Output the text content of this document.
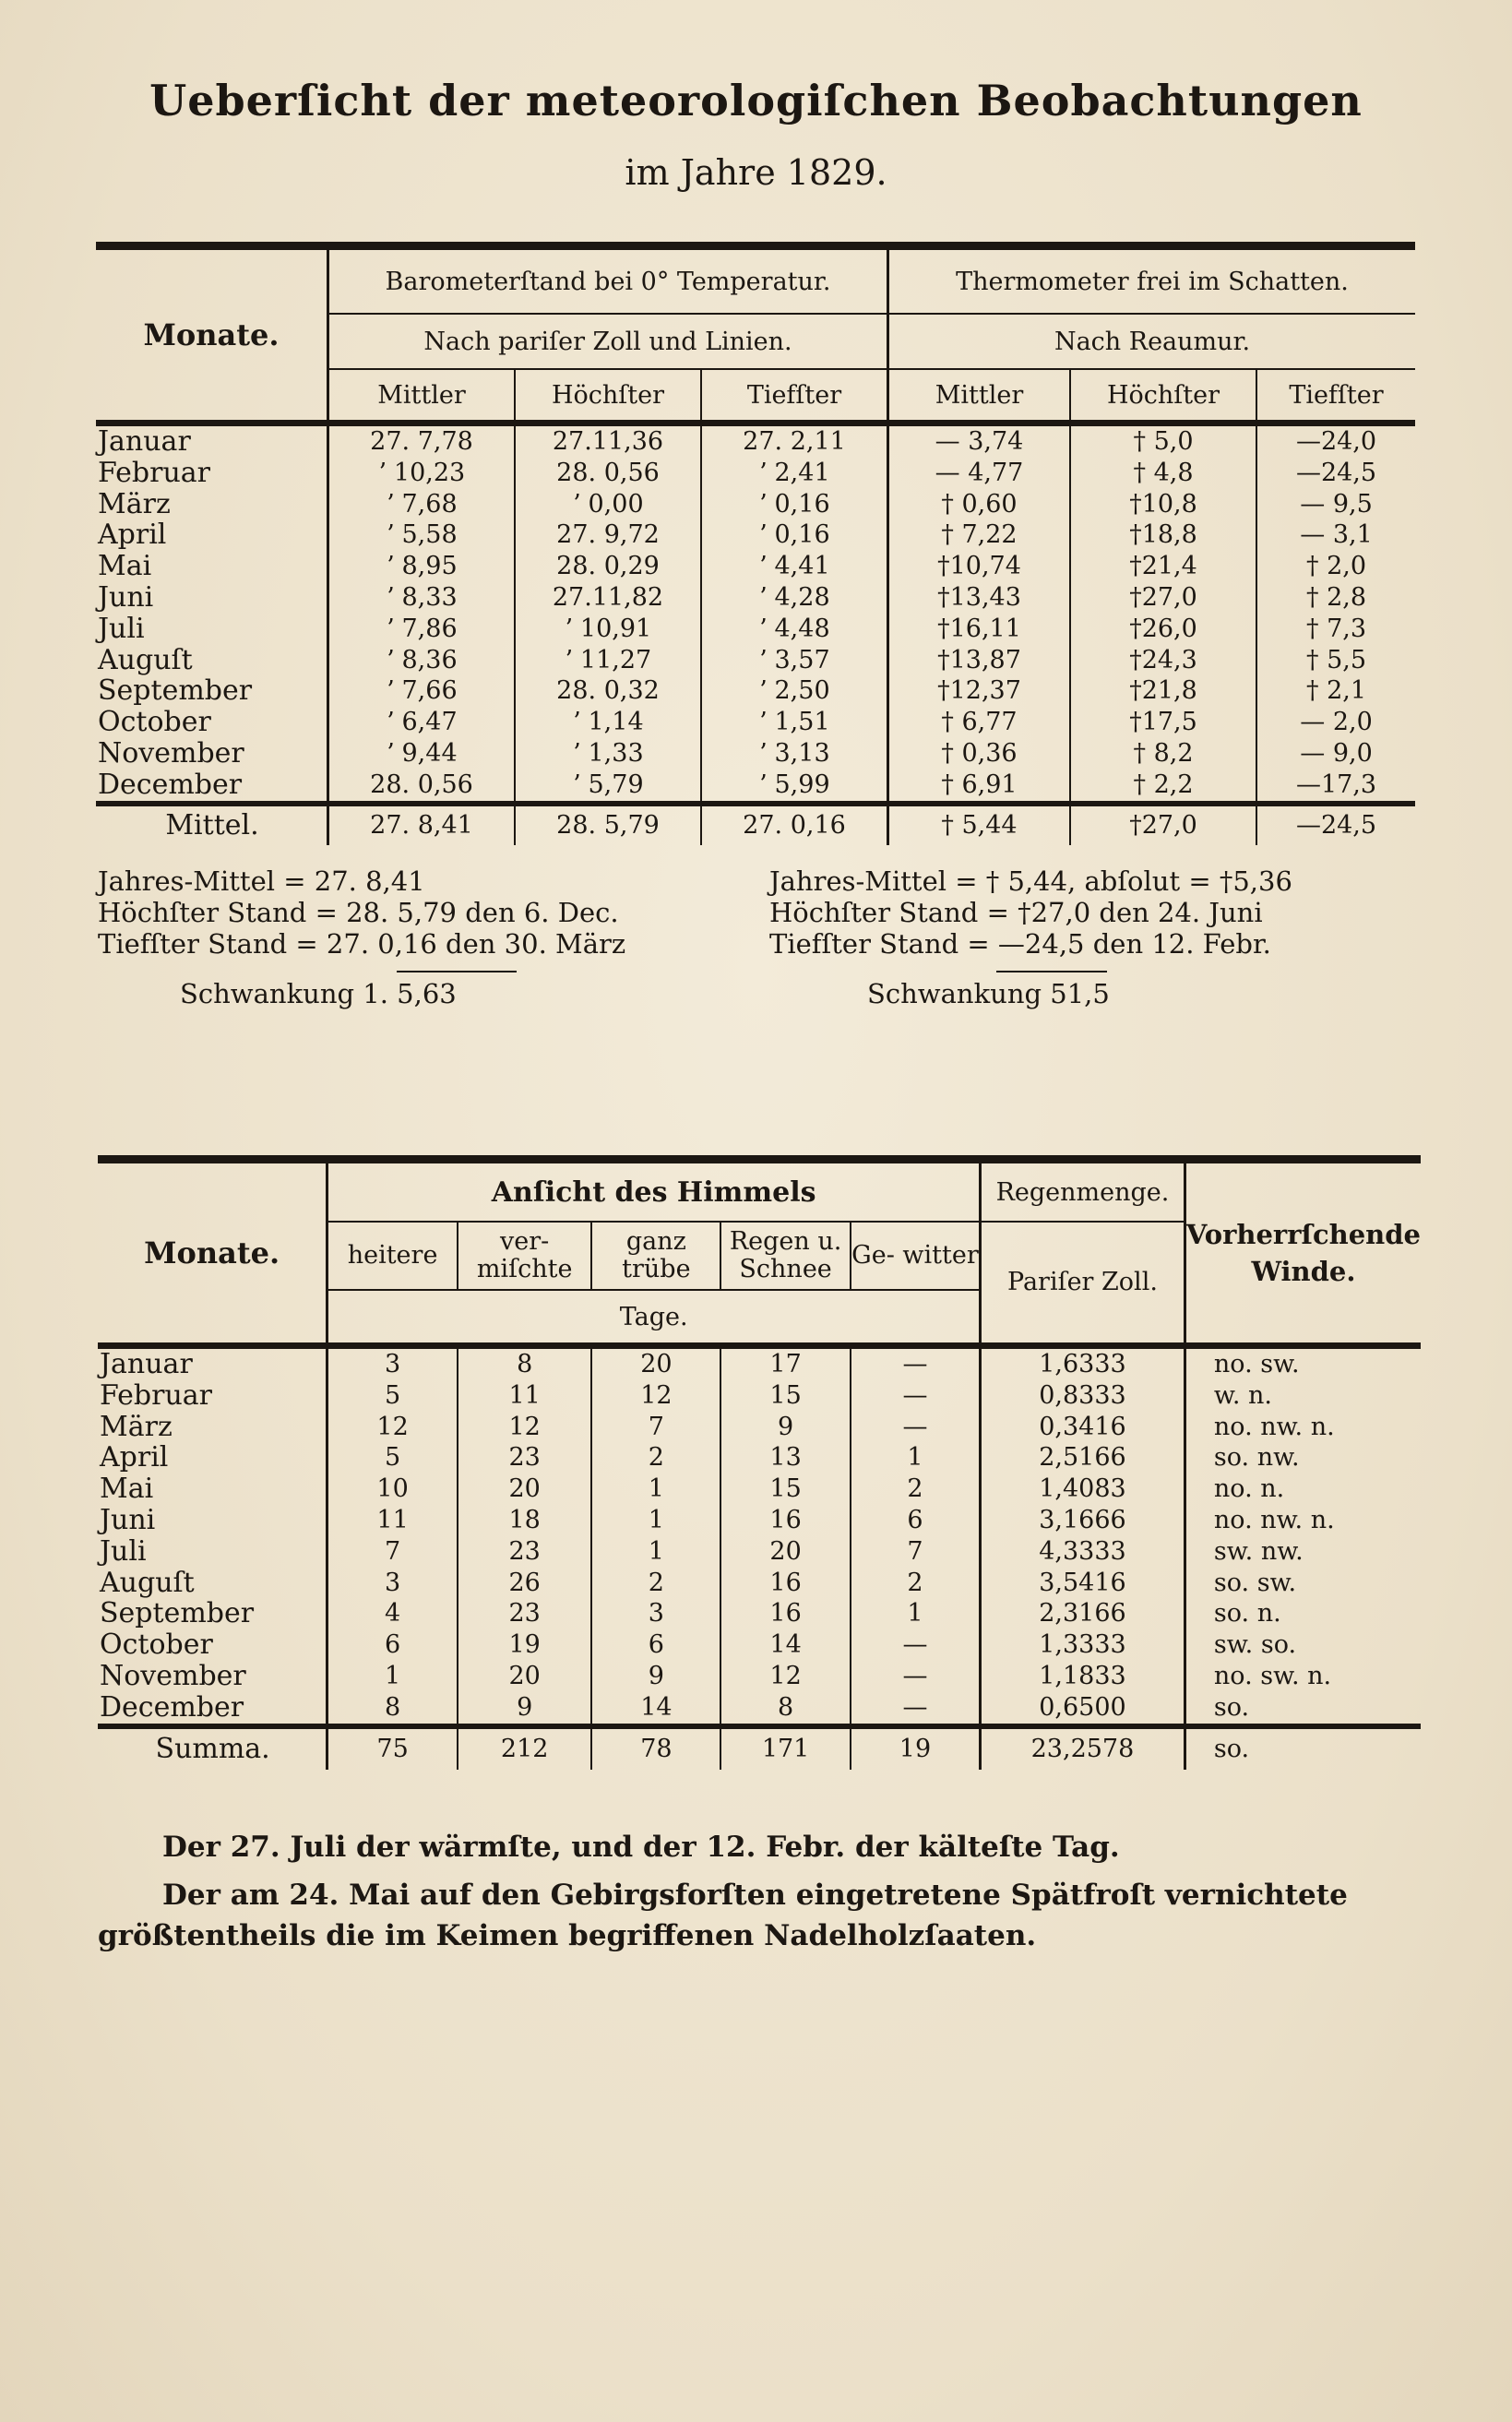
Ueberſicht der meteorologiſchen Beobachtungen
im Jahre 1829.
Monate.	Barometerſtand bei 0° Temperatur.			Thermometer frei im Schatten.		
	Nach pariſer Zoll und Linien.			Nach Reaumur.		
	Mittler	Höchſter	Tiefſter	Mittler	Höchſter	Tiefſter
Januar	27. 7,78	27.11,36	27. 2,11	— 3,74	† 5,0	—24,0
Februar	ʼ 10,23	28. 0,56	ʼ 2,41	— 4,77	† 4,8	—24,5
März	ʼ 7,68	ʼ 0,00	ʼ 0,16	† 0,60	†10,8	— 9,5
April	ʼ 5,58	27. 9,72	ʼ 0,16	† 7,22	†18,8	— 3,1
Mai	ʼ 8,95	28. 0,29	ʼ 4,41	†10,74	†21,4	† 2,0
Juni	ʼ 8,33	27.11,82	ʼ 4,28	†13,43	†27,0	† 2,8
Juli	ʼ 7,86	ʼ 10,91	ʼ 4,48	†16,11	†26,0	† 7,3
Auguſt	ʼ 8,36	ʼ 11,27	ʼ 3,57	†13,87	†24,3	† 5,5
September	ʼ 7,66	28. 0,32	ʼ 2,50	†12,37	†21,8	† 2,1
October	ʼ 6,47	ʼ 1,14	ʼ 1,51	† 6,77	†17,5	— 2,0
November	ʼ 9,44	ʼ 1,33	ʼ 3,13	† 0,36	† 8,2	— 9,0
December	28. 0,56	ʼ 5,79	ʼ 5,99	† 6,91	† 2,2	—17,3
Mittel.	27. 8,41	28. 5,79	27. 0,16	† 5,44	†27,0	—24,5
Jahres‐Mittel = 27. 8,41
Höchſter Stand = 28. 5,79 den 6. Dec.
Tiefſter Stand = 27. 0,16 den 30. März
Schwankung 1. 5,63
Jahres‐Mittel = † 5,44, abſolut = †5,36
Höchſter Stand = †27,0 den 24. Juni
Tiefſter Stand = —24,5 den 12. Febr.
Schwankung 51,5
Monate.	Anſicht des Himmels					Regenmenge.	Vorherrſchende Winde.
	heitere	ver‐ miſchte	ganz trübe	Regen u. Schnee	Ge‐ witter	Pariſer Zoll.	
	Tage.						
Januar	3	8	20	17	—	1,6333	no. sw.
Februar	5	11	12	15	—	0,8333	w. n.
März	12	12	7	9	—	0,3416	no. nw. n.
April	5	23	2	13	1	2,5166	so. nw.
Mai	10	20	1	15	2	1,4083	no. n.
Juni	11	18	1	16	6	3,1666	no. nw. n.
Juli	7	23	1	20	7	4,3333	sw. nw.
Auguſt	3	26	2	16	2	3,5416	so. sw.
September	4	23	3	16	1	2,3166	so. n.
October	6	19	6	14	—	1,3333	sw. so.
November	1	20	9	12	—	1,1833	no. sw. n.
December	8	9	14	8	—	0,6500	so.
Summa.	75	212	78	171	19	23,2578	so.

Der 27. Juli der wärmſte, und der 12. Febr. der kälteſte Tag.

Der am 24. Mai auf den Gebirgsforſten eingetretene Spätfroſt vernichtete größtentheils die im Keimen begriffenen Nadelholzſaaten.
